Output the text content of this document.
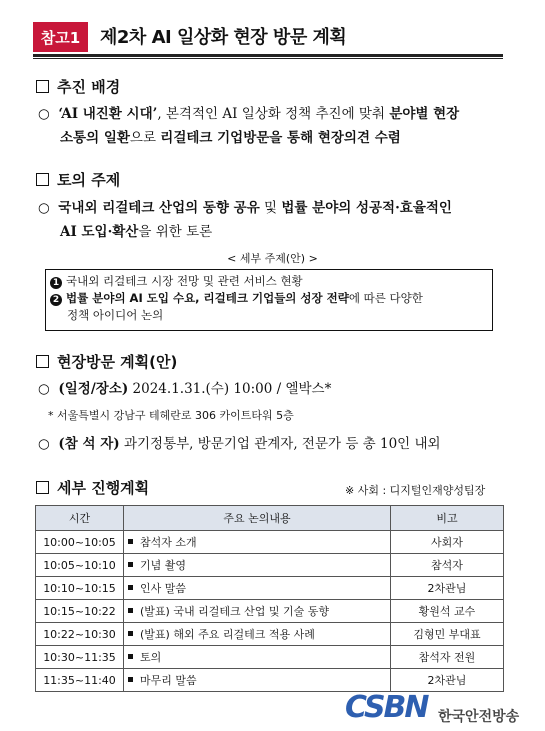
참고1	제2차 AI 일상화 현장 방문 계획
추진 배경
○ ‘AI 내진환 시대’, 본격적인 AI 일상화 정책 추진에 맞춰 분야별 현장
소통의 일환으로 리걸테크 기업방문을 통해 현장의견 수렴
토의 주제
○ 국내외 리걸테크 산업의 동향 공유 및 법률 분야의 성공적·효율적인
AI 도입·확산을 위한 토론
< 세부 주제(안) >
1 국내외 리걸테크 시장 전망 및 관련 서비스 현황
2 법률 분야의 AI 도입 수요, 리걸테크 기업들의 성장 전략에 따른 다양한
정책 아이디어 논의
현장방문 계획(안)
○ (일정/장소) 2024.1.31.(수) 10:00 / 엘박스*
* 서울특별시 강남구 테헤란로 306 카이트타워 5층
○ (참 석 자) 과기정통부, 방문기업 관계자, 전문가 등 총 10인 내외
세부 진행계획	※ 사회 : 디지털인재양성팀장
시간	주요 논의내용	비고
10:00~10:05	참석자 소개	사회자
10:05~10:10	기념 촬영	참석자
10:10~10:15	인사 말씀	2차관님
10:15~10:22	(발표) 국내 리걸테크 산업 및 기술 동향	황원석 교수
10:22~10:30	(발표) 해외 주요 리걸테크 적용 사례	김형민 부대표
10:30~11:35	토의	참석자 전원
11:35~11:40	마무리 말씀	2차관님
CSBN 한국안전방송
